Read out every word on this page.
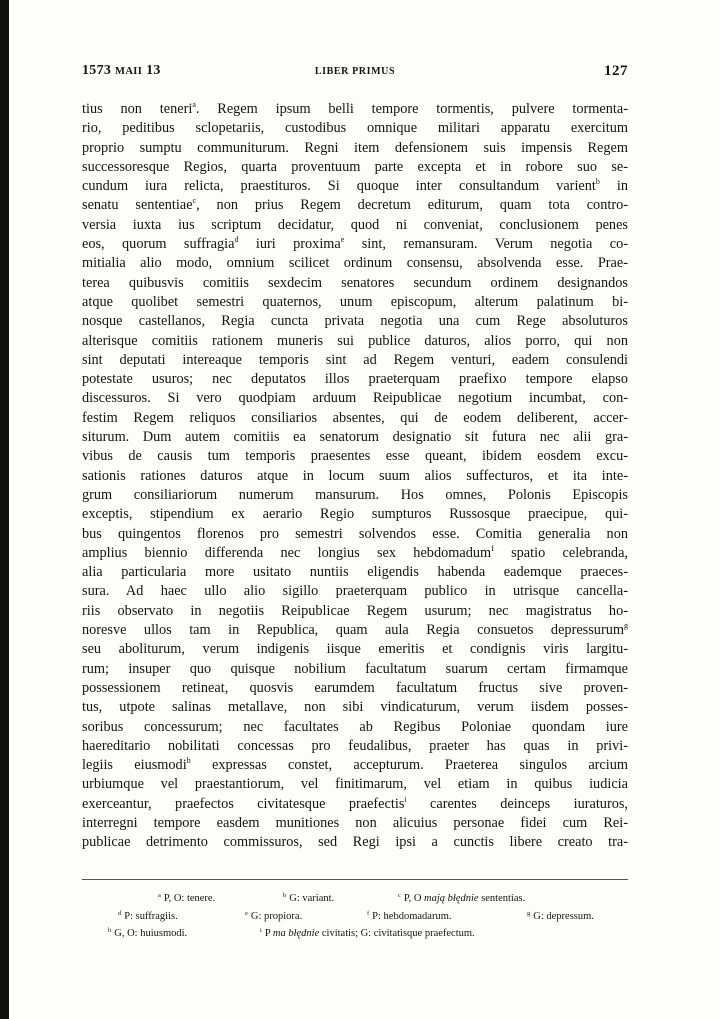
1573 MAII 13	LIBER PRIMUS	127
tius non teneri$^a$. Regem ipsum belli tempore tormentis, pulvere tormenta-
rio, peditibus sclopetariis, custodibus omnique militari apparatu exercitum
proprio sumptu communiturum. Regni item defensionem suis impensis Regem
successoresque Regios, quarta proventuum parte excepta et in robore suo se-
cundum iura relicta, praestituros. Si quoque inter consultandum varient$^b$ in
senatu sententiae$^c$, non prius Regem decretum editurum, quam tota contro-
versia iuxta ius scriptum decidatur, quod ni conveniat, conclusionem penes
eos, quorum suffragia$^d$ iuri proxima$^e$ sint, remansuram. Verum negotia co-
mitialia alio modo, omnium scilicet ordinum consensu, absolvenda esse. Prae-
terea quibusvis comitiis sexdecim senatores secundum ordinem designandos
atque quolibet semestri quaternos, unum episcopum, alterum palatinum bi-
nosque castellanos, Regia cuncta privata negotia una cum Rege absoluturos
alterisque comitiis rationem muneris sui publice daturos, alios porro, qui non
sint deputati intereaque temporis sint ad Regem venturi, eadem consulendi
potestate usuros; nec deputatos illos praeterquam praefixo tempore elapso
discessuros. Si vero quodpiam arduum Reipublicae negotium incumbat, con-
festim Regem reliquos consiliarios absentes, qui de eodem deliberent, accer-
siturum. Dum autem comitiis ea senatorum designatio sit futura nec alii gra-
vibus de causis tum temporis praesentes esse queant, ibidem eosdem excu-
sationis rationes daturos atque in locum suum alios suffecturos, et ita inte-
grum consiliariorum numerum mansurum. Hos omnes, Polonis Episcopis
exceptis, stipendium ex aerario Regio sumpturos Russosque praecipue, qui-
bus quingentos florenos pro semestri solvendos esse. Comitia generalia non
amplius biennio differenda nec longius sex hebdomadum$^f$ spatio celebranda,
alia particularia more usitato nuntiis eligendis habenda eademque praeces-
sura. Ad haec ullo alio sigillo praeterquam publico in utrisque cancella-
riis observato in negotiis Reipublicae Regem usurum; nec magistratus ho-
noresve ullos tam in Republica, quam aula Regia consuetos depressurum$^g$
seu aboliturum, verum indigenis iisque emeritis et condignis viris largitu-
rum; insuper quo quisque nobilium facultatum suarum certam firmamque
possessionem retineat, quosvis earumdem facultatum fructus sive proven-
tus, utpote salinas metallave, non sibi vindicaturum, verum iisdem posses-
soribus concessurum; nec facultates ab Regibus Poloniae quondam iure
haereditario nobilitati concessas pro feudalibus, praeter has quas in privi-
legiis eiusmodi$^h$ expressas constet, accepturum. Praeterea singulos arcium
urbiumque vel praestantiorum, vel finitimarum, vel etiam in quibus iudicia
exerceantur, praefectos civitatesque praefectis$^i$ carentes deinceps iuraturos,
interregni tempore easdem munitiones non alicuius personae fidei cum Rei-
publicae detrimento commissuros, sed Regi ipsi a cunctis libere creato tra-
$^a$ P, O: tenere.	$^b$ G: variant.	$^c$ P, O mają błędnie sententias.
$^d$ P: suffragiis.	$^e$ G: propiora.	$^f$ P: hebdomadarum.	$^g$ G: depressum.
$^h$ G, O: huiusmodi.	$^i$ P ma błędnie civitatis; G: civitatisque praefectum.
